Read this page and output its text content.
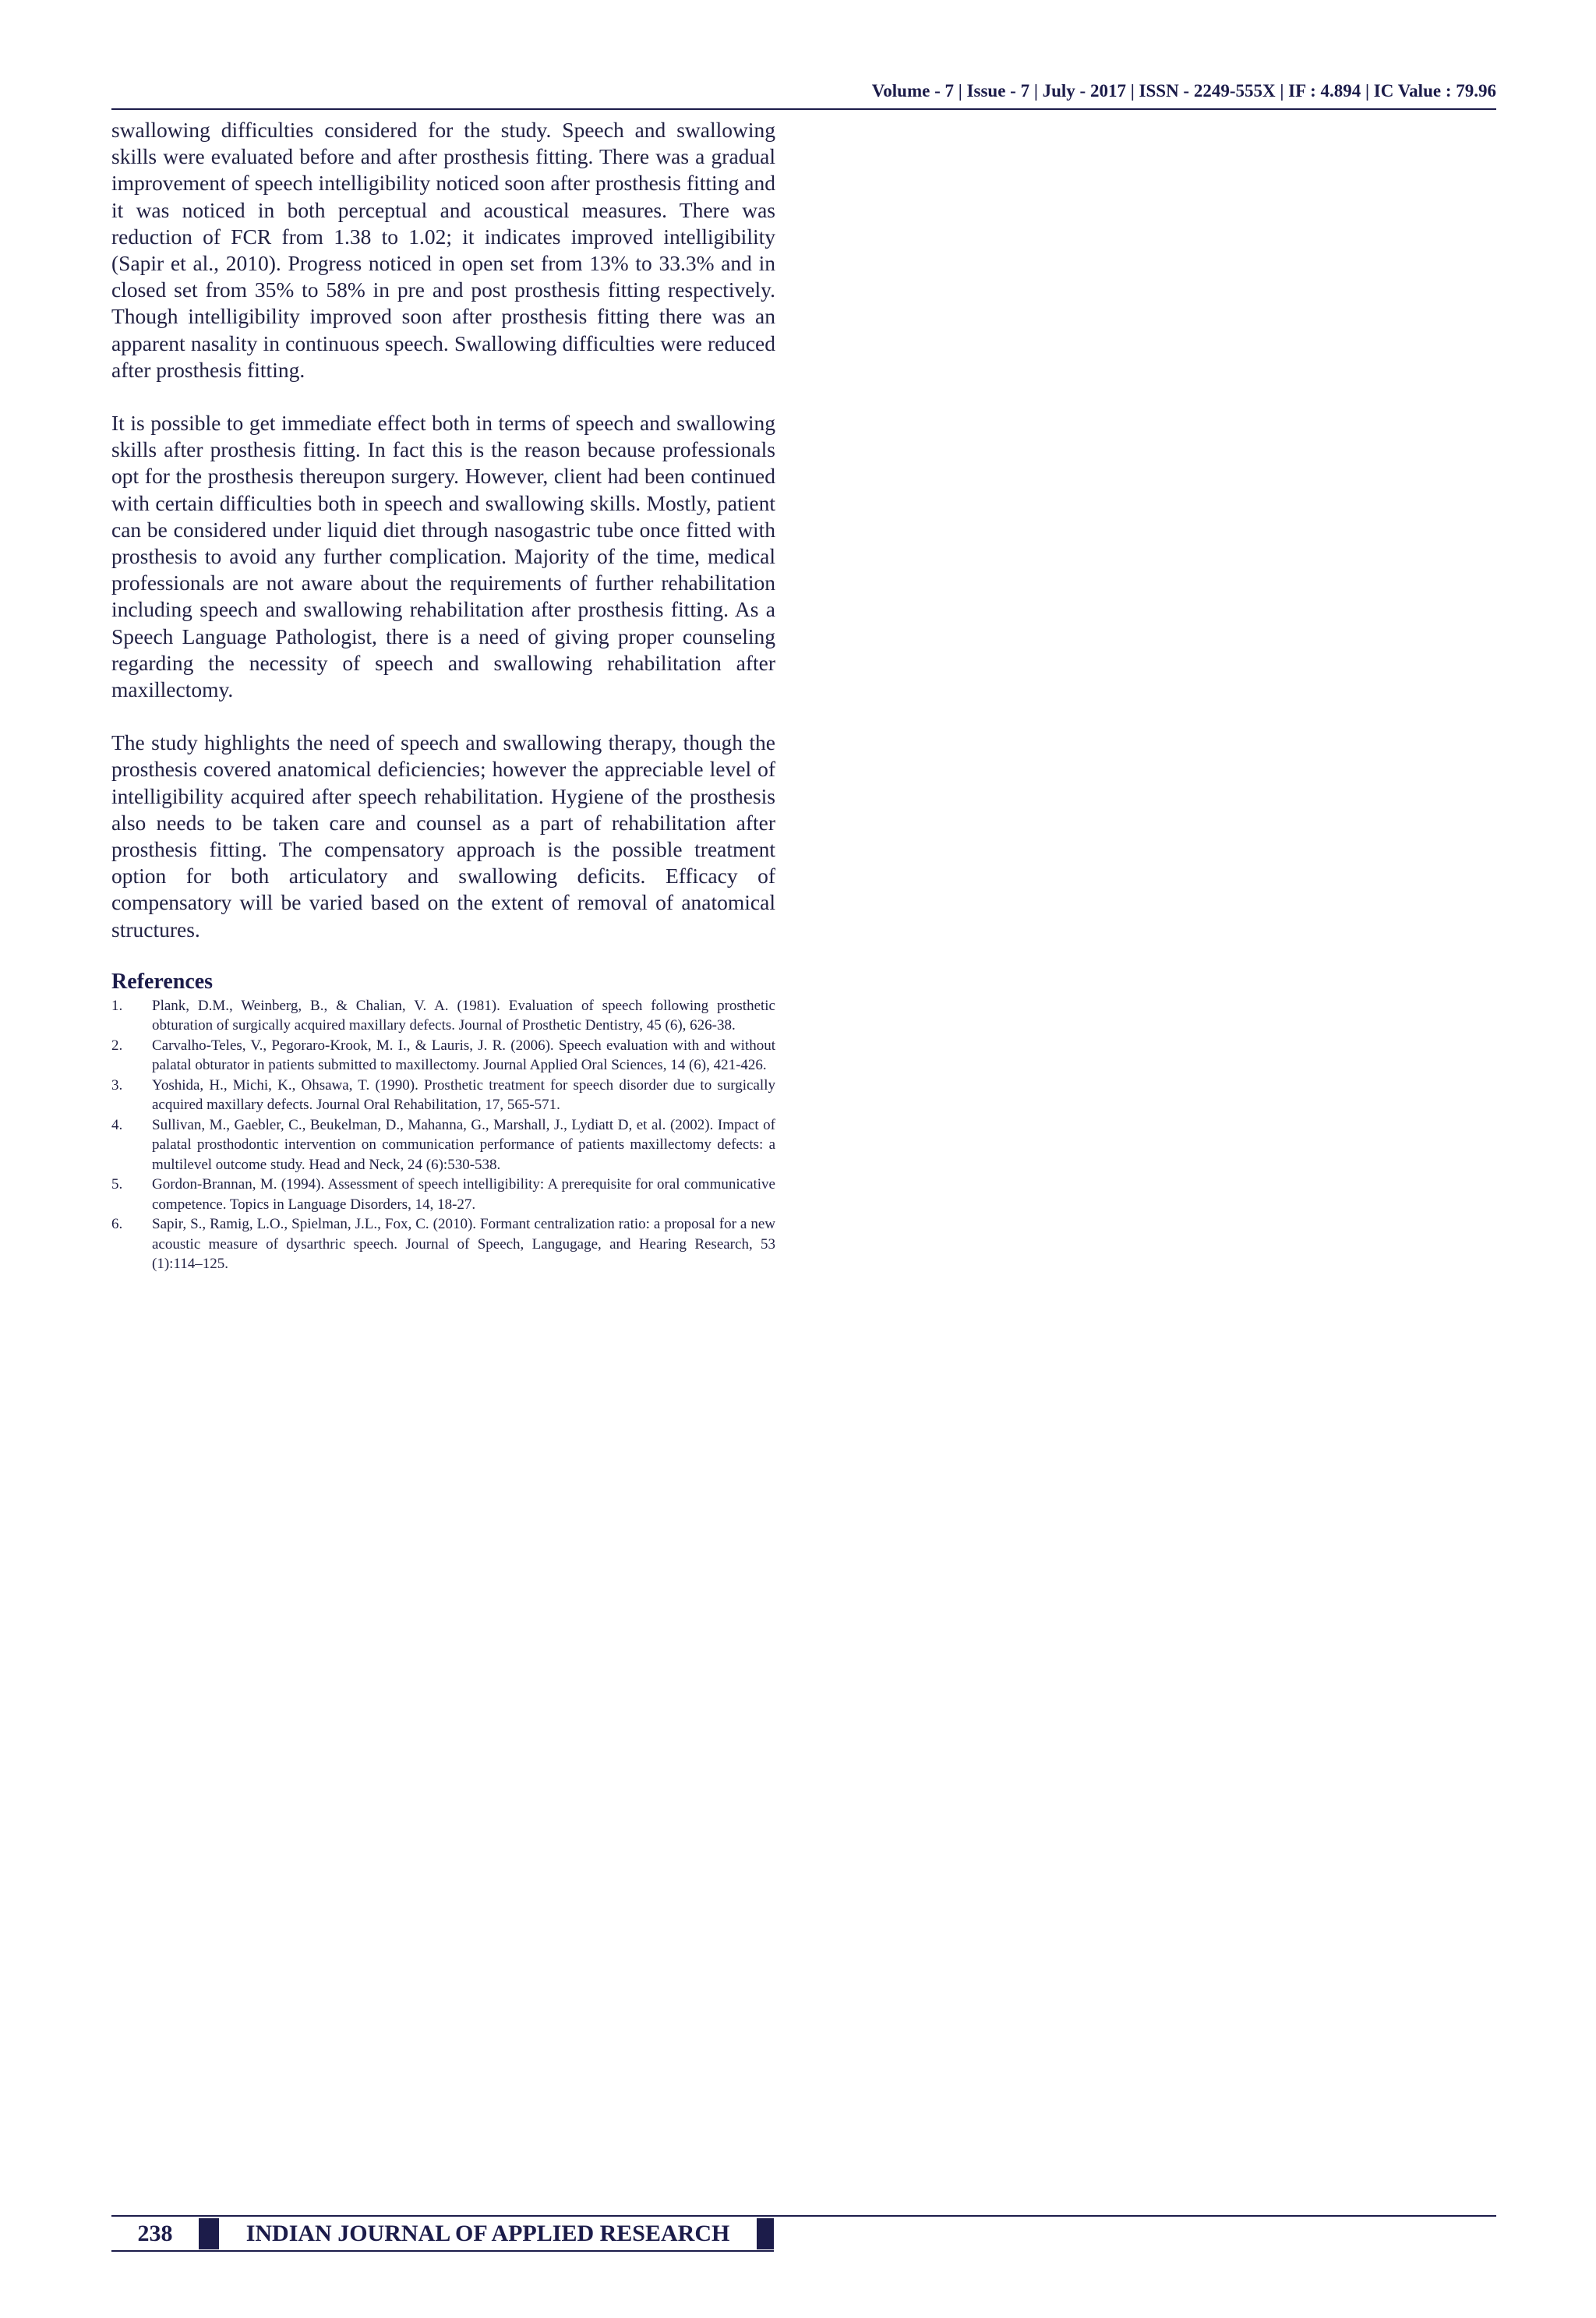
Volume - 7 | Issue - 7 | July - 2017 | ISSN - 2249-555X | IF : 4.894 | IC Value : 79.96

swallowing difficulties considered for the study. Speech and swallowing skills were evaluated before and after prosthesis fitting. There was a gradual improvement of speech intelligibility noticed soon after prosthesis fitting and it was noticed in both perceptual and acoustical measures. There was reduction of FCR from 1.38 to 1.02; it indicates improved intelligibility (Sapir et al., 2010). Progress noticed in open set from 13% to 33.3% and in closed set from 35% to 58% in pre and post prosthesis fitting respectively. Though intelligibility improved soon after prosthesis fitting there was an apparent nasality in continuous speech. Swallowing difficulties were reduced after prosthesis fitting.

It is possible to get immediate effect both in terms of speech and swallowing skills after prosthesis fitting. In fact this is the reason because professionals opt for the prosthesis thereupon surgery. However, client had been continued with certain difficulties both in speech and swallowing skills. Mostly, patient can be considered under liquid diet through nasogastric tube once fitted with prosthesis to avoid any further complication. Majority of the time, medical professionals are not aware about the requirements of further rehabilitation including speech and swallowing rehabilitation after prosthesis fitting. As a Speech Language Pathologist, there is a need of giving proper counseling regarding the necessity of speech and swallowing rehabilitation after maxillectomy.

The study highlights the need of speech and swallowing therapy, though the prosthesis covered anatomical deficiencies; however the appreciable level of intelligibility acquired after speech rehabilitation. Hygiene of the prosthesis also needs to be taken care and counsel as a part of rehabilitation after prosthesis fitting. The compensatory approach is the possible treatment option for both articulatory and swallowing deficits. Efficacy of compensatory will be varied based on the extent of removal of anatomical structures.

References
1.	Plank, D.M., Weinberg, B., & Chalian, V. A. (1981). Evaluation of speech following prosthetic obturation of surgically acquired maxillary defects. Journal of Prosthetic Dentistry, 45 (6), 626-38.
2.	Carvalho-Teles, V., Pegoraro-Krook, M. I., & Lauris, J. R. (2006). Speech evaluation with and without palatal obturator in patients submitted to maxillectomy. Journal Applied Oral Sciences, 14 (6), 421-426.
3.	Yoshida, H., Michi, K., Ohsawa, T. (1990). Prosthetic treatment for speech disorder due to surgically acquired maxillary defects. Journal Oral Rehabilitation, 17, 565-571.
4.	Sullivan, M., Gaebler, C., Beukelman, D., Mahanna, G., Marshall, J., Lydiatt D, et al. (2002). Impact of palatal prosthodontic intervention on communication performance of patients maxillectomy defects: a multilevel outcome study. Head and Neck, 24 (6):530-538.
5.	Gordon-Brannan, M. (1994). Assessment of speech intelligibility: A prerequisite for oral communicative competence. Topics in Language Disorders, 14, 18-27.
6.	Sapir, S., Ramig, L.O., Spielman, J.L., Fox, C. (2010). Formant centralization ratio: a proposal for a new acoustic measure of dysarthric speech. Journal of Speech, Langugage, and Hearing Research, 53 (1):114–125.
238	INDIAN JOURNAL OF APPLIED RESEARCH
